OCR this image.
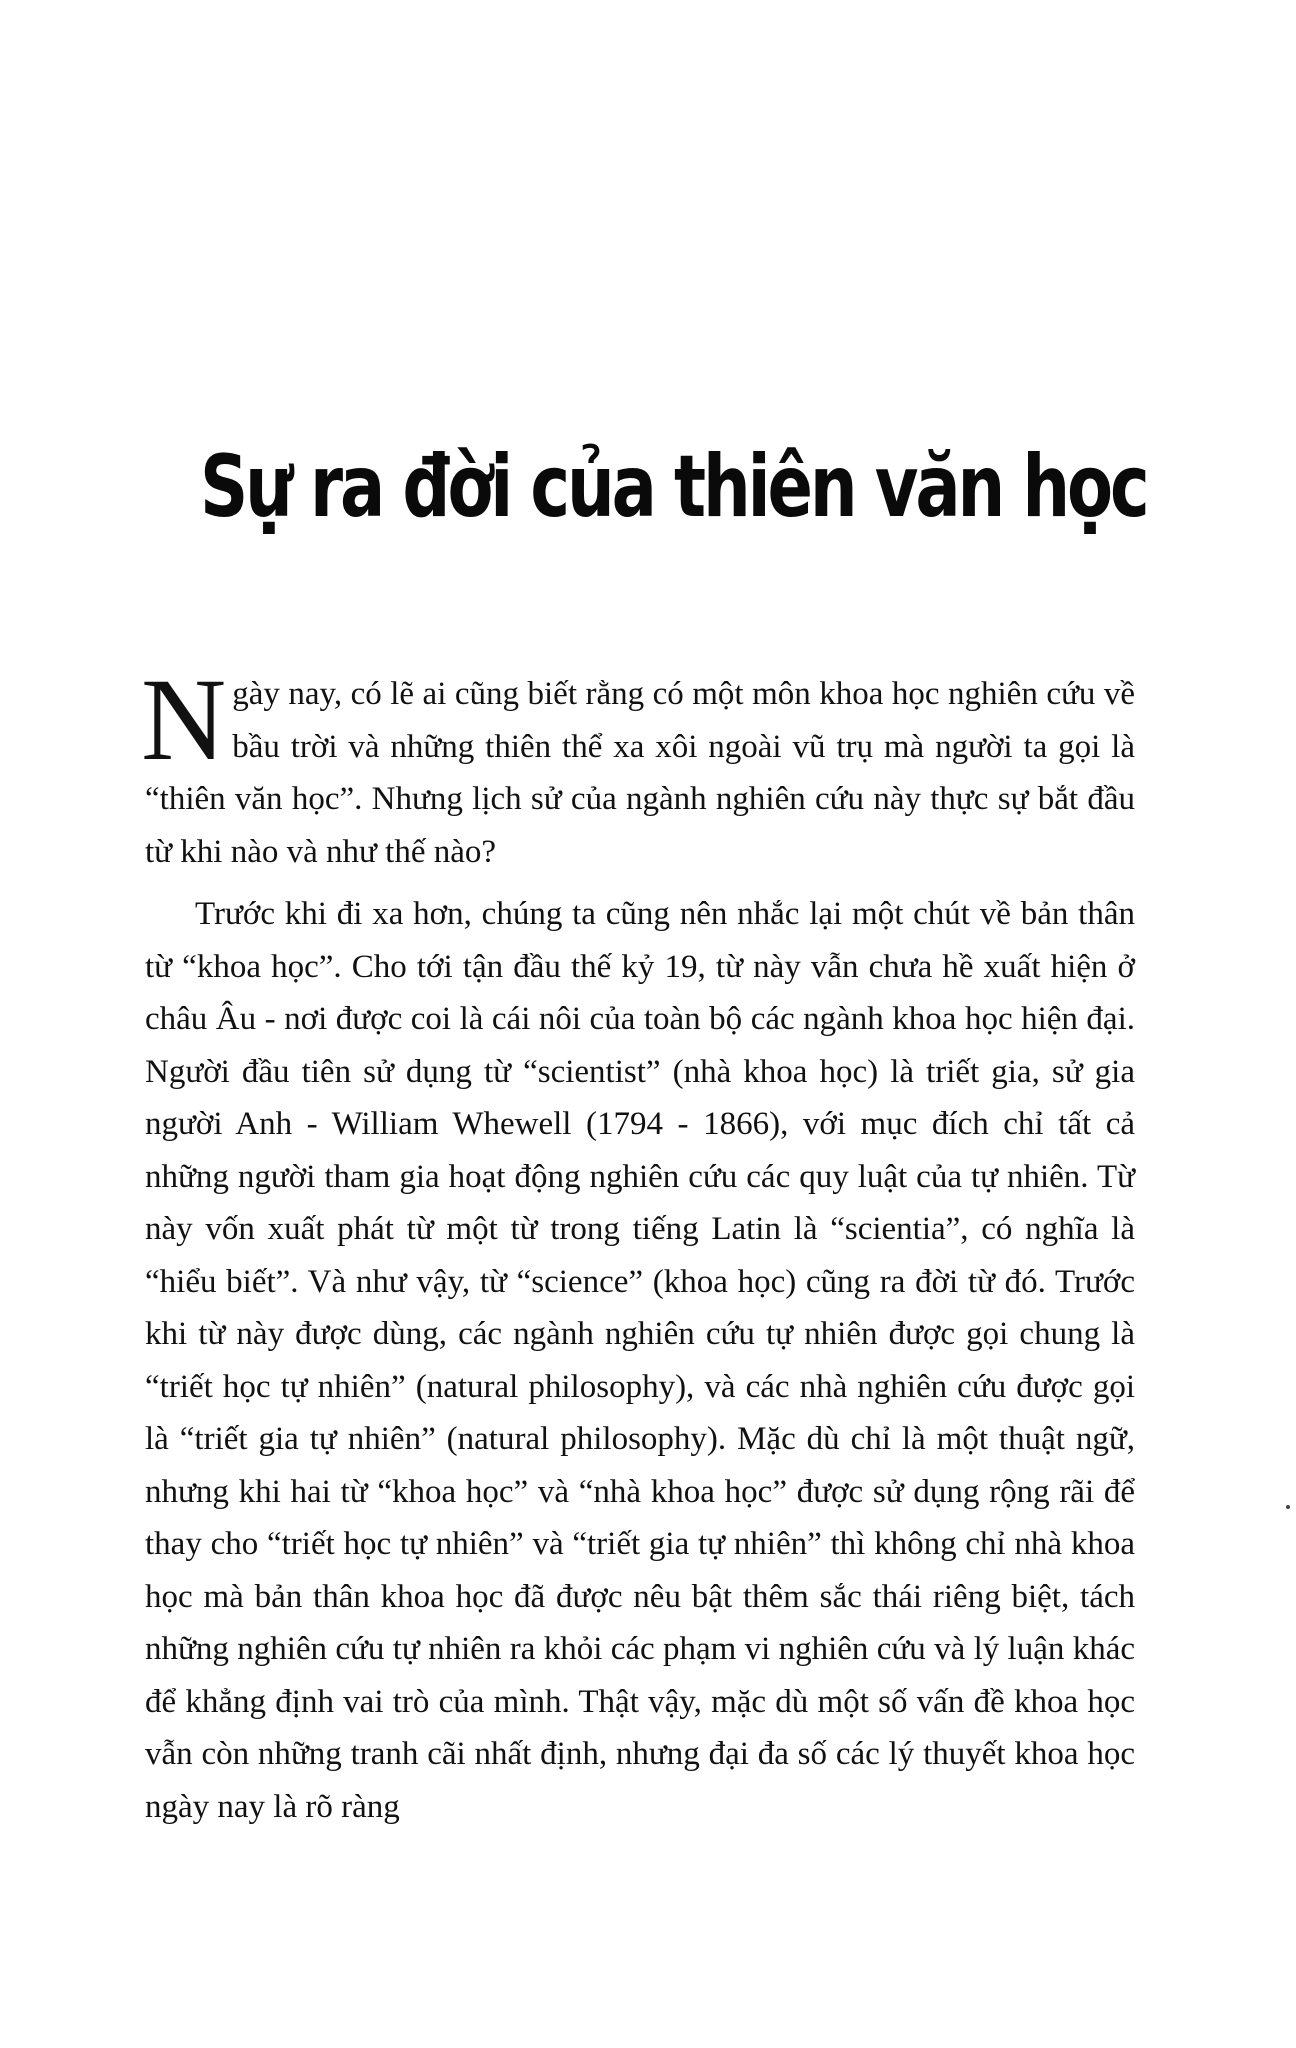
Sự ra đời của thiên văn học

Ngày nay, có lẽ ai cũng biết rằng có một môn khoa học nghiên cứu về bầu trời và những thiên thể xa xôi ngoài vũ trụ mà người ta gọi là “thiên văn học”. Nhưng lịch sử của ngành nghiên cứu này thực sự bắt đầu từ khi nào và như thế nào?

Trước khi đi xa hơn, chúng ta cũng nên nhắc lại một chút về bản thân từ “khoa học”. Cho tới tận đầu thế kỷ 19, từ này vẫn chưa hề xuất hiện ở châu Âu - nơi được coi là cái nôi của toàn bộ các ngành khoa học hiện đại. Người đầu tiên sử dụng từ “scientist” (nhà khoa học) là triết gia, sử gia người Anh - William Whewell (1794 - 1866), với mục đích chỉ tất cả những người tham gia hoạt động nghiên cứu các quy luật của tự nhiên. Từ này vốn xuất phát từ một từ trong tiếng Latin là “scientia”, có nghĩa là “hiểu biết”. Và như vậy, từ “science” (khoa học) cũng ra đời từ đó. Trước khi từ này được dùng, các ngành nghiên cứu tự nhiên được gọi chung là “triết học tự nhiên” (natural philosophy), và các nhà nghiên cứu được gọi là “triết gia tự nhiên” (natural philosophy). Mặc dù chỉ là một thuật ngữ, nhưng khi hai từ “khoa học” và “nhà khoa học” được sử dụng rộng rãi để thay cho “triết học tự nhiên” và “triết gia tự nhiên” thì không chỉ nhà khoa học mà bản thân khoa học đã được nêu bật thêm sắc thái riêng biệt, tách những nghiên cứu tự nhiên ra khỏi các phạm vi nghiên cứu và lý luận khác để khẳng định vai trò của mình. Thật vậy, mặc dù một số vấn đề khoa học vẫn còn những tranh cãi nhất định, nhưng đại đa số các lý thuyết khoa học ngày nay là rõ ràng
